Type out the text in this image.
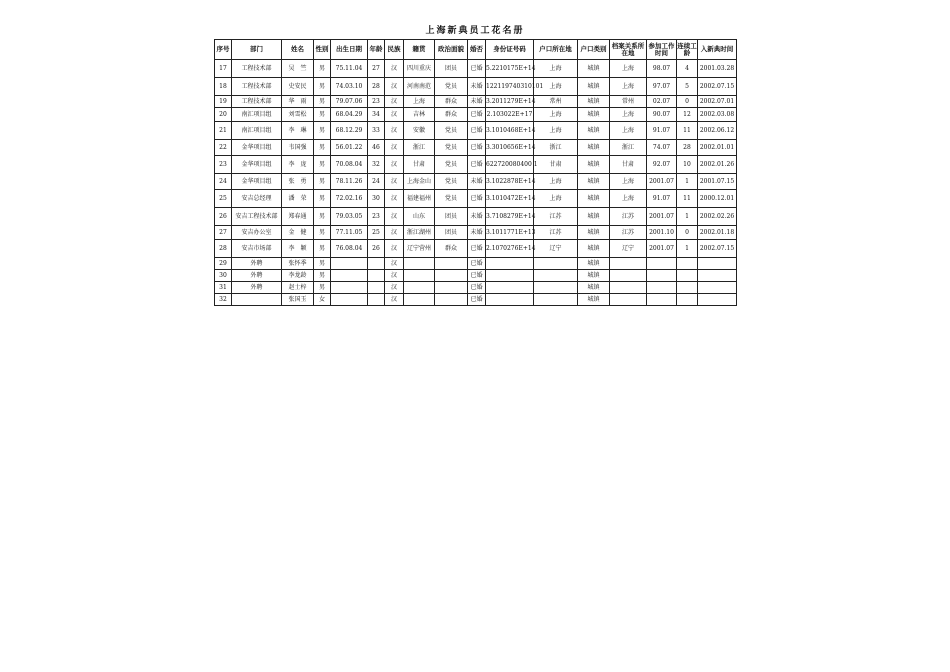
上海新典员工花名册
序号	部门	姓名	性别	出生日期	年龄	民族	籍贯	政治面貌	婚否	身份证号码	户口所在地	户口类别	档案关系所在地	参加工作时间	连续工龄	入新典时间
17	工程技术部	吴　竺	男	75.11.04	27	汉	四川重庆	团员	已婚	5.2210175E+14	上海	城镇	上海	98.07	4	2001.03.28
18	工程技术部	史安民	男	74.03.10	28	汉	河南南范	党员	未婚	122119740310101	上海	城镇	上海	97.07	5	2002.07.15
19	工程技术部	华　雨	男	79.07.06	23	汉	上海	群众	未婚	3.2011279E+14	常州	城镇	常州	02.07	0	2002.07.01
20	南汇项目组	刘雪松	男	68.04.29	34	汉	吉林	群众	已婚	2.103022E+17	上海	城镇	上海	90.07	12	2002.03.08
21	南汇项目组	李　琳	男	68.12.29	33	汉	安徽	党员	已婚	3.1010468E+14	上海	城镇	上海	91.07	11	2002.06.12
22	金华项目组	韦国强	男	56.01.22	46	汉	浙江	党员	已婚	3.3010656E+14	浙江	城镇	浙江	74.07	28	2002.01.01
23	金华项目组	李　庞	男	70.08.04	32	汉	甘肃	党员	已婚	622720080400 1	甘肃	城镇	甘肃	92.07	10	2002.01.26
24	金华项目组	张　勇	男	78.11.26	24	汉	上海金山	党员	未婚	3.1022878E+14	上海	城镇	上海	2001.07	1	2001.07.15
25	安吉总经理	潘　荣	男	72.02.16	30	汉	福建福州	党员	已婚	3.1010472E+14	上海	城镇	上海	91.07	11	2000.12.01
26	安吉工程技术部	郑春通	男	79.03.05	23	汉	山东	团员	未婚	3.7108279E+14	江苏	城镇	江苏	2001.07	1	2002.02.26
27	安吉办公室	金　健	男	77.11.05	25	汉	浙江湖州	团员	未婚	3.1011771E+13	江苏	城镇	江苏	2001.10	0	2002.01.18
28	安吉市场部	李　颖	男	76.08.04	26	汉	辽宁营州	群众	已婚	2.1070276E+14	辽宁	城镇	辽宁	2001.07	1	2002.07.15
29	外聘	张怀季	男			汉			已婚			城镇				
30	外聘	李龙龄	男			汉			已婚			城镇				
31	外聘	赵士梓	男			汉			已婚			城镇				
32		张国玉	女			汉			已婚			城镇				
